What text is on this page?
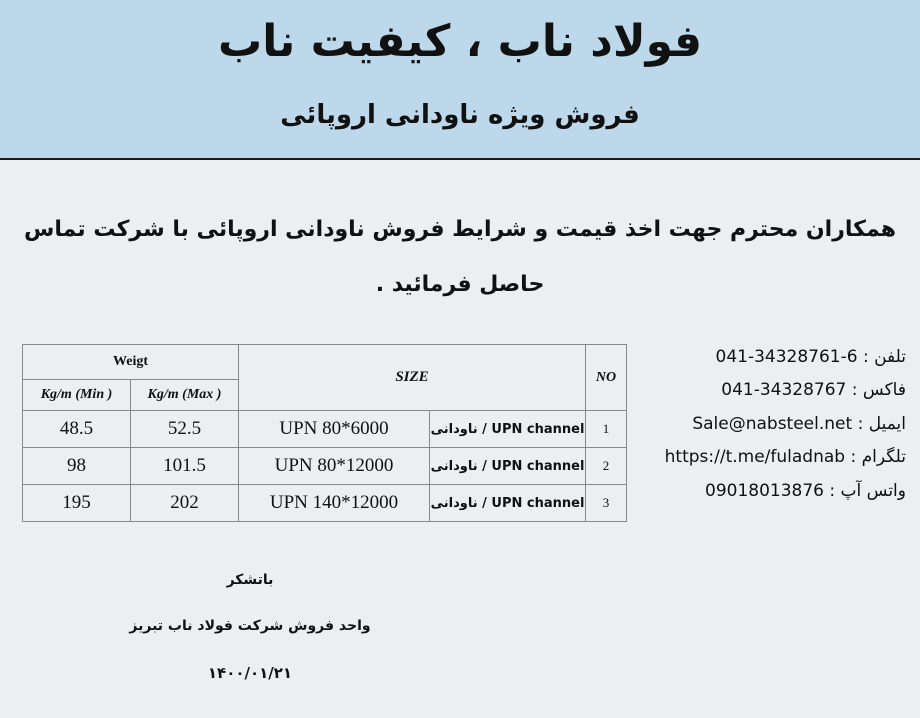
فولاد ناب ، کیفیت ناب
فروش ویژه ناودانی اروپائی
همکاران محترم جهت اخذ قیمت و شرایط فروش ناودانی اروپائی با شرکت تماس حاصل فرمائید .
تلفن : 041-34328761-6
فاکس : 041-34328767
ایمیل : Sale@nabsteel.net
تلگرام : https://t.me/fuladnab
واتس آپ : 09018013876
Weigt		SIZE		NO
Kg/m (Min )	Kg/m (Max )			
48.5	52.5	UPN 80*6000	UPN channel / ناودانی	1
98	101.5	UPN 80*12000	UPN channel / ناودانی	2
195	202	UPN 140*12000	UPN channel / ناودانی	3
باتشکر
واحد فروش شرکت فولاد ناب تبریز
۱۴۰۰/۰۱/۲۱
